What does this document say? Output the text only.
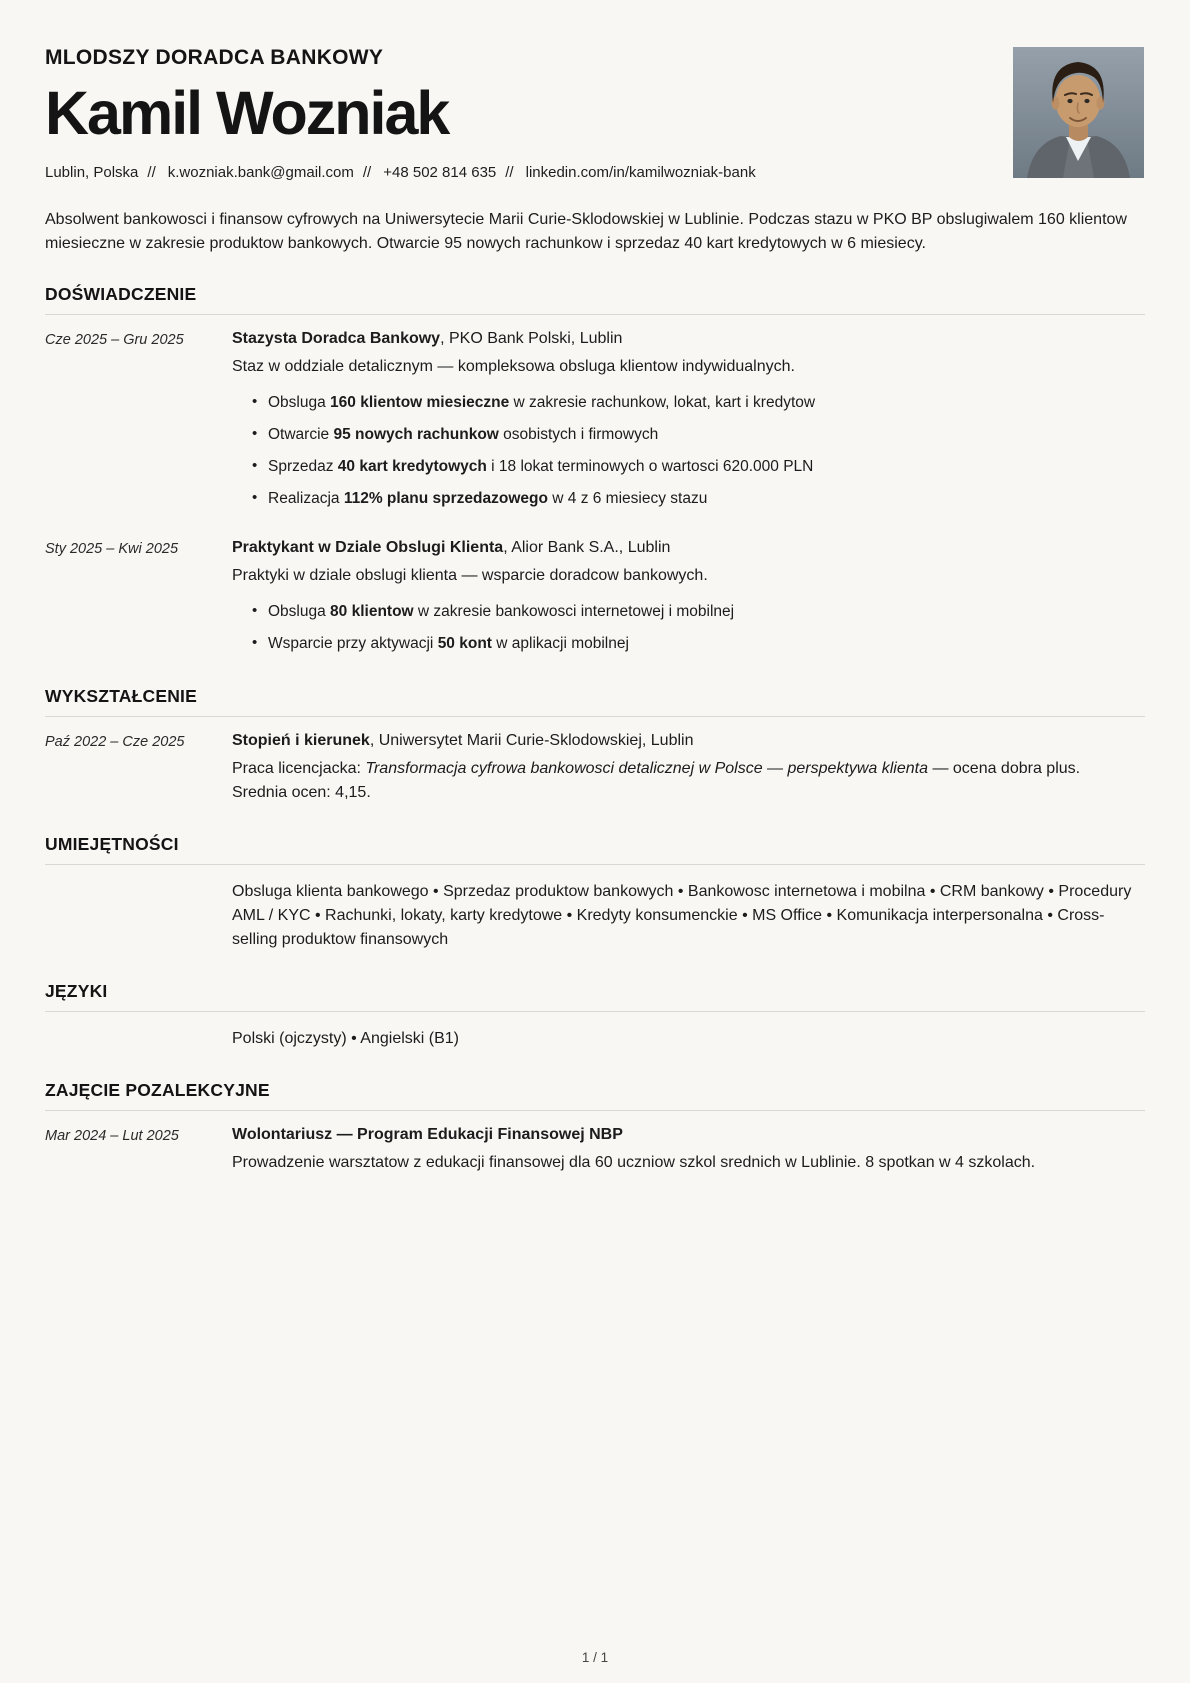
MLODSZY DORADCA BANKOWY
Kamil Wozniak
Lublin, Polska // k.wozniak.bank@gmail.com // +48 502 814 635 // linkedin.com/in/kamilwozniak-bank

Absolwent bankowosci i finansow cyfrowych na Uniwersytecie Marii Curie-Sklodowskiej w Lublinie. Podczas stazu w PKO BP obslugiwalem 160 klientow miesieczne w zakresie produktow bankowych. Otwarcie 95 nowych rachunkow i sprzedaz 40 kart kredytowych w 6 miesiecy.

DOŚWIADCZENIE
Cze 2025 – Gru 2025	Stazysta Doradca Bankowy, PKO Bank Polski, Lublin
Staz w oddziale detalicznym — kompleksowa obsluga klientow indywidualnych.
• Obsluga 160 klientow miesieczne w zakresie rachunkow, lokat, kart i kredytow
• Otwarcie 95 nowych rachunkow osobistych i firmowych
• Sprzedaz 40 kart kredytowych i 18 lokat terminowych o wartosci 620.000 PLN
• Realizacja 112% planu sprzedazowego w 4 z 6 miesiecy stazu
Sty 2025 – Kwi 2025	Praktykant w Dziale Obslugi Klienta, Alior Bank S.A., Lublin
Praktyki w dziale obslugi klienta — wsparcie doradcow bankowych.
• Obsluga 80 klientow w zakresie bankowosci internetowej i mobilnej
• Wsparcie przy aktywacji 50 kont w aplikacji mobilnej
WYKSZTAŁCENIE
Paź 2022 – Cze 2025	Stopień i kierunek, Uniwersytet Marii Curie-Sklodowskiej, Lublin
Praca licencjacka: Transformacja cyfrowa bankowosci detalicznej w Polsce — perspektywa klienta — ocena dobra plus.
Srednia ocen: 4,15.
UMIEJĘTNOŚCI
Obsluga klienta bankowego • Sprzedaz produktow bankowych • Bankowosc internetowa i mobilna • CRM bankowy • Procedury AML / KYC • Rachunki, lokaty, karty kredytowe • Kredyty konsumenckie • MS Office • Komunikacja interpersonalna • Cross-selling produktow finansowych
JĘZYKI
Polski (ojczysty) • Angielski (B1)
ZAJĘCIE POZALEKCYJNE
Mar 2024 – Lut 2025	Wolontariusz — Program Edukacji Finansowej NBP
Prowadzenie warsztatow z edukacji finansowej dla 60 uczniow szkol srednich w Lublinie. 8 spotkan w 4 szkolach.
1 / 1
